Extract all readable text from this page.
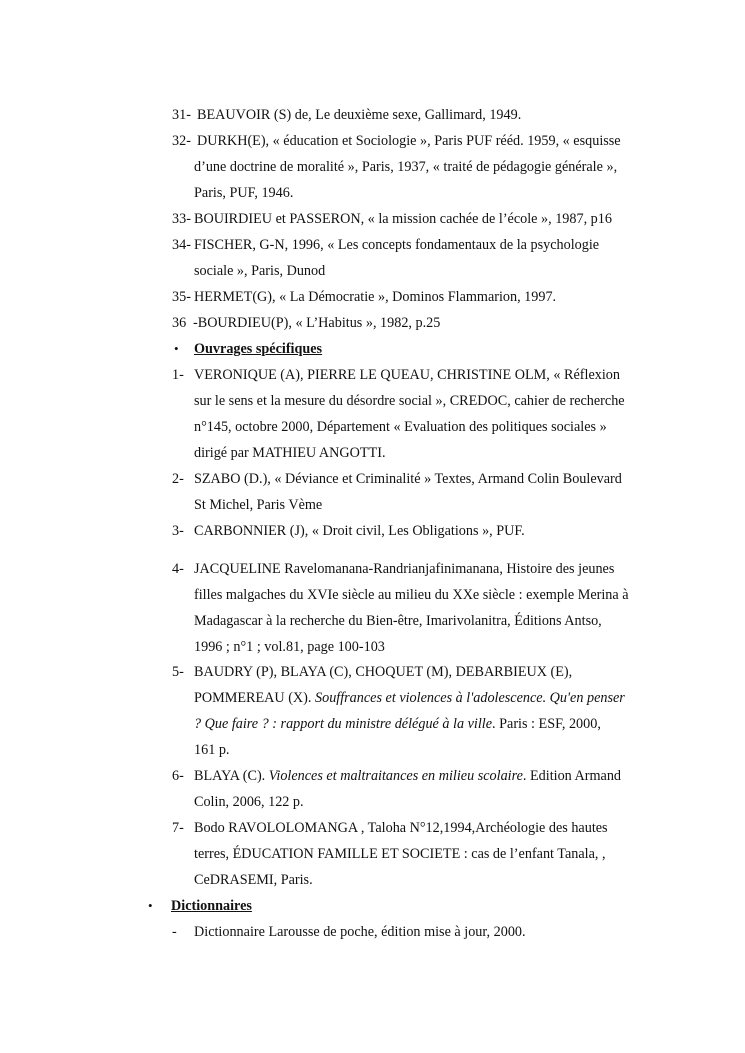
31- BEAUVOIR (S) de, Le deuxième sexe, Gallimard, 1949.
32- DURKH(E), « éducation et Sociologie », Paris PUF rééd. 1959, « esquisse
d’une doctrine de moralité », Paris, 1937, « traité de pédagogie générale »,
Paris, PUF, 1946.
33- BOUIRDIEU et PASSERON, « la mission cachée de l’école », 1987, p16
34- FISCHER, G-N, 1996, « Les concepts fondamentaux de la psychologie
sociale », Paris, Dunod
35- HERMET(G), « La Démocratie », Dominos Flammarion, 1997.
36 -BOURDIEU(P), « L’Habitus », 1982, p.25
• Ouvrages spécifiques
1- VERONIQUE (A), PIERRE LE QUEAU, CHRISTINE OLM, « Réflexion
sur le sens et la mesure du désordre social », CREDOC, cahier de recherche
n°145, octobre 2000, Département « Evaluation des politiques sociales »
dirigé par MATHIEU ANGOTTI.
2- SZABO (D.), « Déviance et Criminalité » Textes, Armand Colin Boulevard
St Michel, Paris Vème
3- CARBONNIER (J), « Droit civil, Les Obligations », PUF.
4- JACQUELINE Ravelomanana-Randrianjafinimanana, Histoire des jeunes
filles malgaches du XVIe siècle au milieu du XXe siècle : exemple Merina à
Madagascar à la recherche du Bien-être, Imarivolanitra, Éditions Antso,
1996 ; n°1 ; vol.81, page 100-103
5- BAUDRY (P), BLAYA (C), CHOQUET (M), DEBARBIEUX (E),
POMMEREAU (X). Souffrances et violences à l'adolescence. Qu'en penser
? Que faire ? : rapport du ministre délégué à la ville. Paris : ESF, 2000,
161 p.
6- BLAYA (C). Violences et maltraitances en milieu scolaire. Edition Armand
Colin, 2006, 122 p.
7- Bodo RAVOLOLOMANGA , Taloha N°12,1994,Archéologie des hautes
terres, ÉDUCATION FAMILLE ET SOCIETE : cas de l’enfant Tanala, ,
CeDRASEMI, Paris.
• Dictionnaires
- Dictionnaire Larousse de poche, édition mise à jour, 2000.
